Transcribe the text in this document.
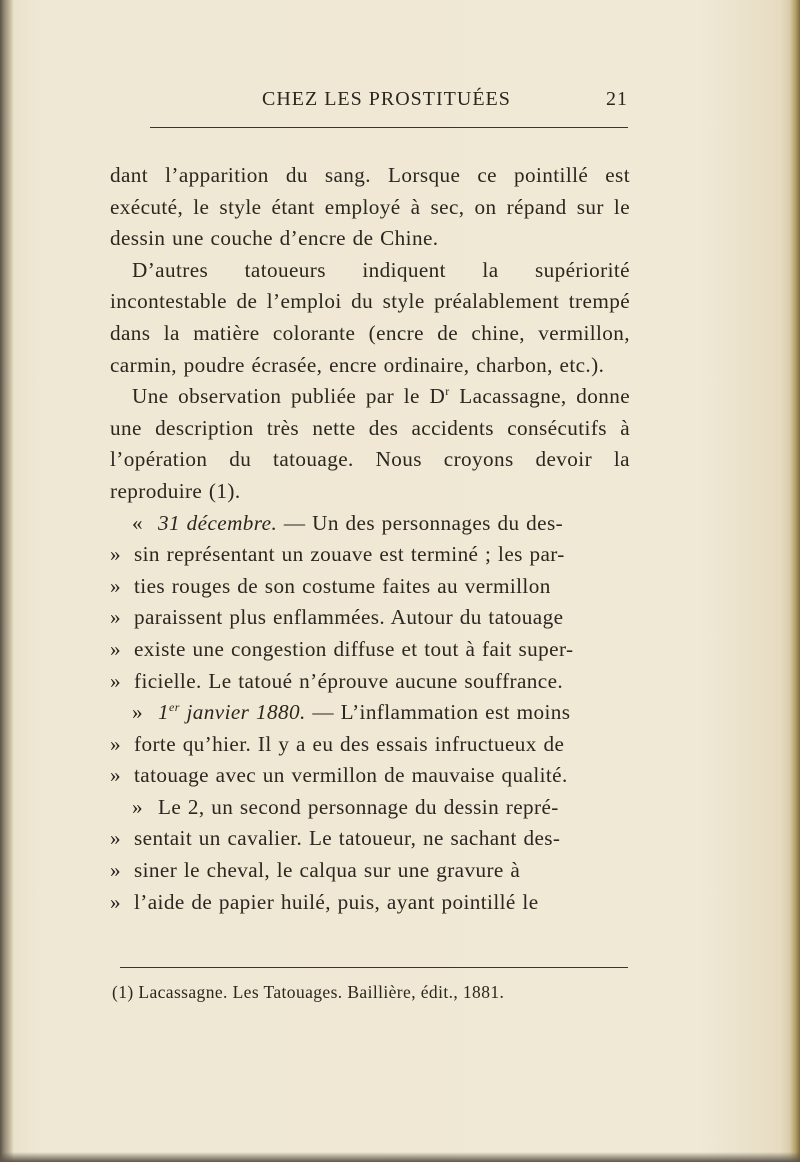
CHEZ LES PROSTITUÉES	21

dant l’apparition du sang. Lorsque ce pointillé est exécuté, le style étant employé à sec, on répand sur le dessin une couche d’encre de Chine.

D’autres tatoueurs indiquent la supériorité incontestable de l’emploi du style préalablement trempé dans la matière colorante (encre de chine, vermillon, carmin, poudre écrasée, encre ordinaire, charbon, etc.).

Une observation publiée par le $D^r$ Lacassagne, donne une description très nette des accidents consécutifs à l’opération du tatouage. Nous croyons devoir la reproduire (1).

« 31 décembre. — Un des personnages du des-

» sin représentant un zouave est terminé ; les par-

» ties rouges de son costume faites au vermillon

» paraissent plus enflammées. Autour du tatouage

» existe une congestion diffuse et tout à fait super-

» ficielle. Le tatoué n’éprouve aucune souffrance.

» 1er janvier 1880. — L’inflammation est moins

» forte qu’hier. Il y a eu des essais infructueux de

» tatouage avec un vermillon de mauvaise qualité.

» Le 2, un second personnage du dessin repré-

» sentait un cavalier. Le tatoueur, ne sachant des-

» siner le cheval, le calqua sur une gravure à

» l’aide de papier huilé, puis, ayant pointillé le

(1) Lacassagne. Les Tatouages. Baillière, édit., 1881.
